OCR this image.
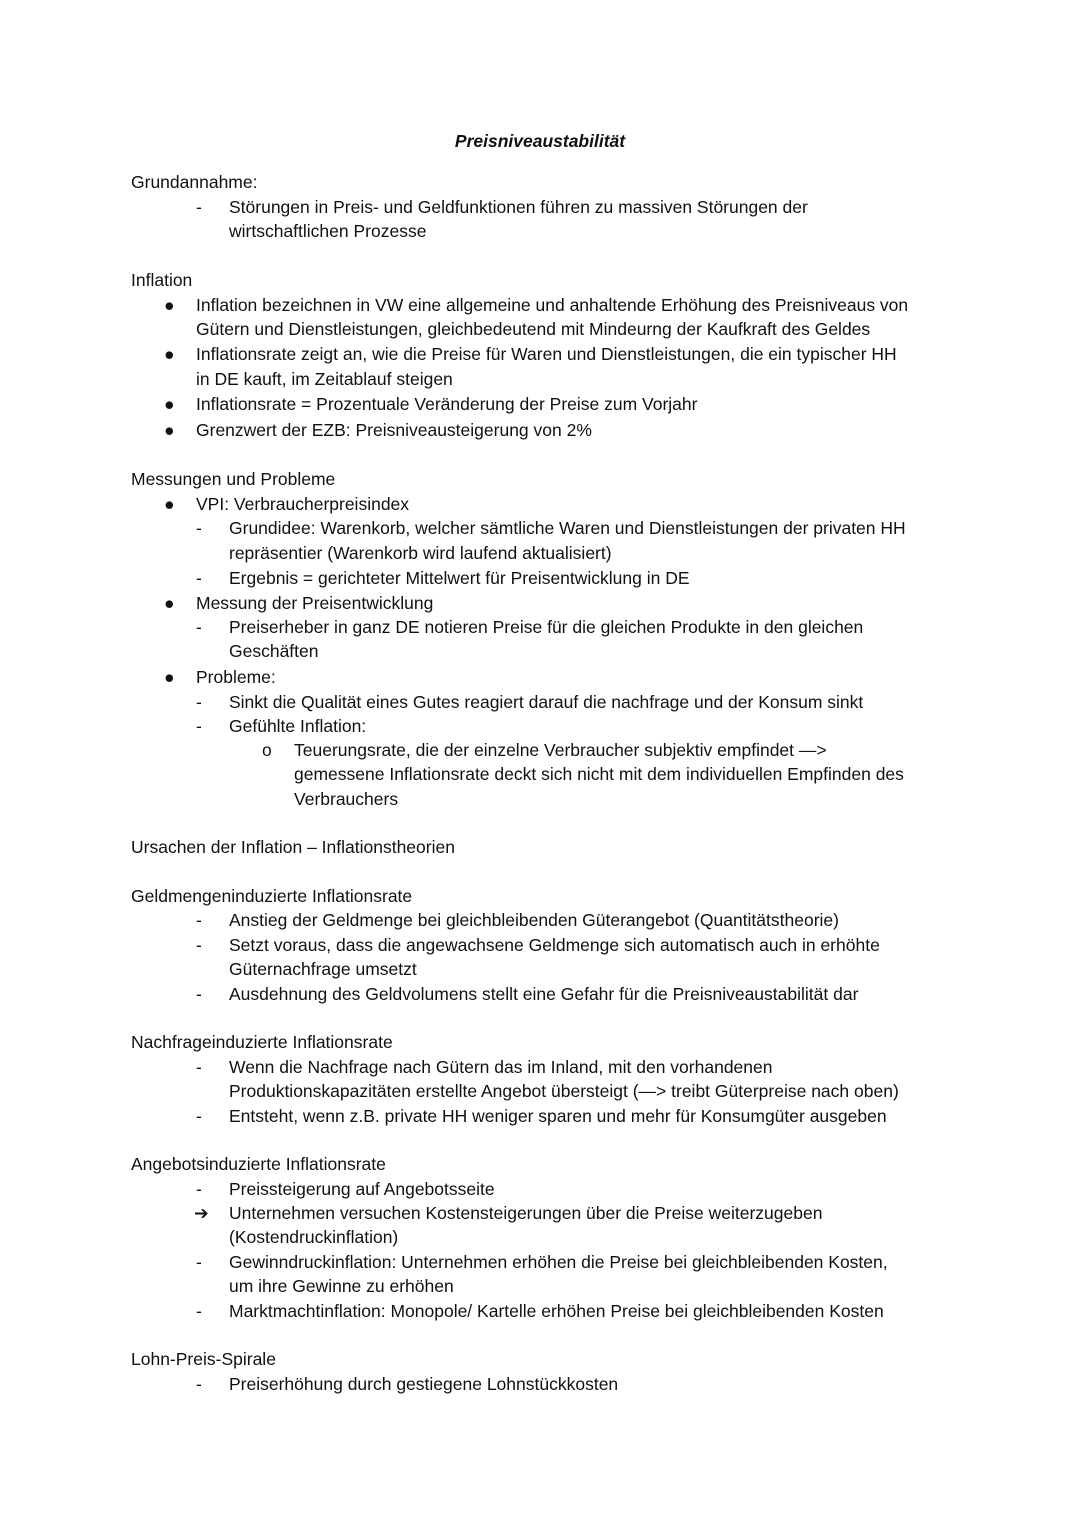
Preisniveaustabilität
Grundannahme:
- Störungen in Preis- und Geldfunktionen führen zu massiven Störungen der
wirtschaftlichen Prozesse
Inflation
● Inflation bezeichnen in VW eine allgemeine und anhaltende Erhöhung des Preisniveaus von
Gütern und Dienstleistungen, gleichbedeutend mit Mindeurng der Kaufkraft des Geldes
● Inflationsrate zeigt an, wie die Preise für Waren und Dienstleistungen, die ein typischer HH
in DE kauft, im Zeitablauf steigen
● Inflationsrate = Prozentuale Veränderung der Preise zum Vorjahr
● Grenzwert der EZB: Preisniveausteigerung von 2%
Messungen und Probleme
● VPI: Verbraucherpreisindex
- Grundidee: Warenkorb, welcher sämtliche Waren und Dienstleistungen der privaten HH
repräsentier (Warenkorb wird laufend aktualisiert)
- Ergebnis = gerichteter Mittelwert für Preisentwicklung in DE
● Messung der Preisentwicklung
- Preiserheber in ganz DE notieren Preise für die gleichen Produkte in den gleichen
Geschäften
● Probleme:
- Sinkt die Qualität eines Gutes reagiert darauf die nachfrage und der Konsum sinkt
- Gefühlte Inflation:
o Teuerungsrate, die der einzelne Verbraucher subjektiv empfindet —>
gemessene Inflationsrate deckt sich nicht mit dem individuellen Empfinden des
Verbrauchers
Ursachen der Inflation – Inflationstheorien
Geldmengeninduzierte Inflationsrate
- Anstieg der Geldmenge bei gleichbleibenden Güterangebot (Quantitätstheorie)
- Setzt voraus, dass die angewachsene Geldmenge sich automatisch auch in erhöhte
Güternachfrage umsetzt
- Ausdehnung des Geldvolumens stellt eine Gefahr für die Preisniveaustabilität dar
Nachfrageinduzierte Inflationsrate
- Wenn die Nachfrage nach Gütern das im Inland, mit den vorhandenen
Produktionskapazitäten erstellte Angebot übersteigt (—> treibt Güterpreise nach oben)
- Entsteht, wenn z.B. private HH weniger sparen und mehr für Konsumgüter ausgeben
Angebotsinduzierte Inflationsrate
- Preissteigerung auf Angebotsseite
➔ Unternehmen versuchen Kostensteigerungen über die Preise weiterzugeben
(Kostendruckinflation)
- Gewinndruckinflation: Unternehmen erhöhen die Preise bei gleichbleibenden Kosten,
um ihre Gewinne zu erhöhen
- Marktmachtinflation: Monopole/ Kartelle erhöhen Preise bei gleichbleibenden Kosten
Lohn-Preis-Spirale
- Preiserhöhung durch gestiegene Lohnstückkosten
